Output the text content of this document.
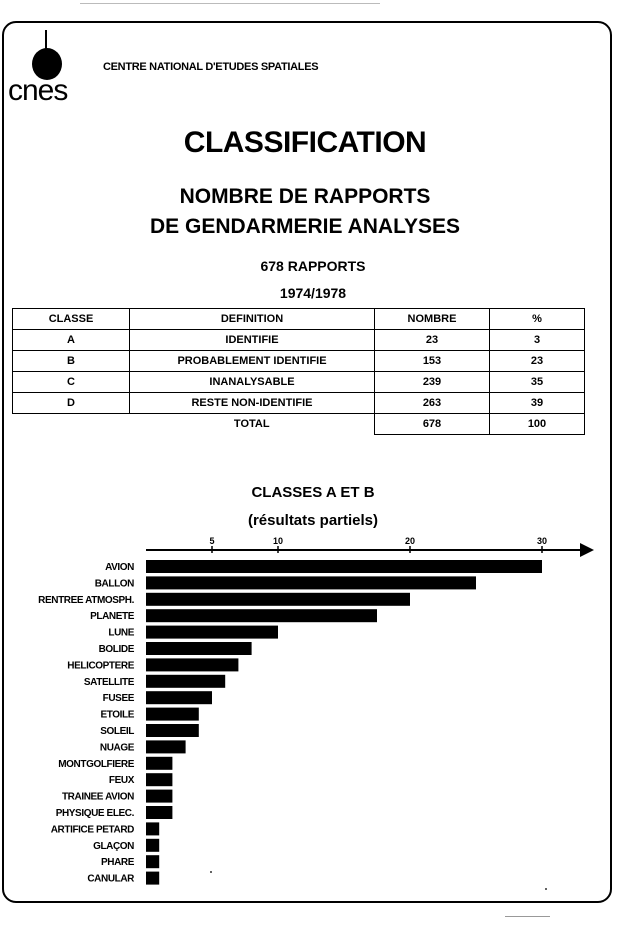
cnes
CENTRE NATIONAL D'ETUDES SPATIALES
CLASSIFICATION
NOMBRE DE RAPPORTS
DE GENDARMERIE ANALYSES
678 RAPPORTS
1974/1978
CLASSE	DEFINITION	NOMBRE	%
A	IDENTIFIE	23	3
B	PROBABLEMENT IDENTIFIE	153	23
C	INANALYSABLE	239	35
D	RESTE NON-IDENTIFIE	263	39
	TOTAL	678	100
CLASSES A ET B
(résultats partiels)
5	10	20	30
AVION
BALLON
RENTREE ATMOSPH.
PLANETE
LUNE
BOLIDE
HELICOPTERE
SATELLITE
FUSEE
ETOILE
SOLEIL
NUAGE
MONTGOLFIERE
FEUX
TRAINEE AVION
PHYSIQUE ELEC.
ARTIFICE PETARD
GLAÇON
PHARE
CANULAR
